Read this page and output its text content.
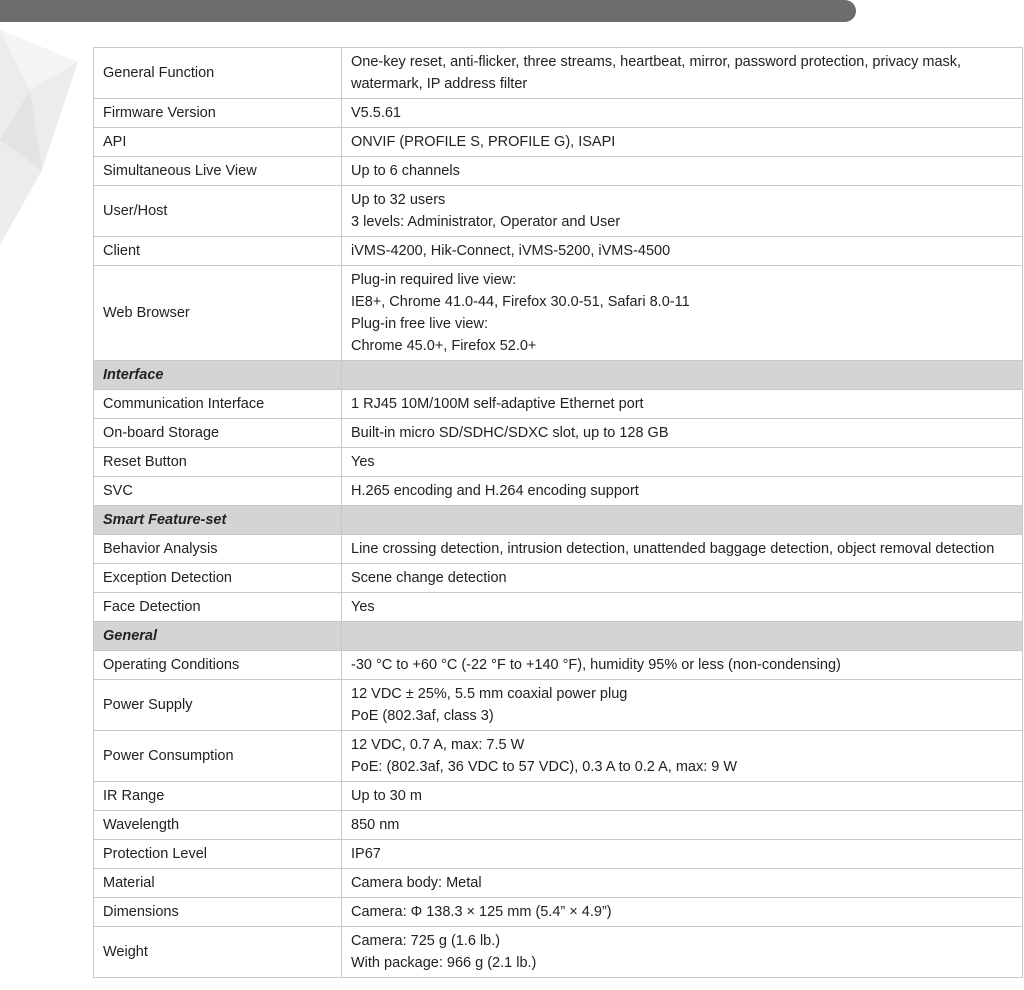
General Function	One-key reset, anti-flicker, three streams, heartbeat, mirror, password protection, privacy mask, watermark, IP address filter

Firmware Version	V5.5.61

API	ONVIF (PROFILE S, PROFILE G), ISAPI

Simultaneous Live View	Up to 6 channels

User/Host	Up to 32 users
3 levels: Administrator, Operator and User

Client	iVMS-4200, Hik-Connect, iVMS-5200, iVMS-4500

Web Browser	Plug-in required live view:
IE8+, Chrome 41.0-44, Firefox 30.0-51, Safari 8.0-11
Plug-in free live view:
Chrome 45.0+, Firefox 52.0+

Interface	
Communication Interface	1 RJ45 10M/100M self-adaptive Ethernet port

On-board Storage	Built-in micro SD/SDHC/SDXC slot, up to 128 GB

Reset Button	Yes

SVC	H.265 encoding and H.264 encoding support

Smart Feature-set	
Behavior Analysis	Line crossing detection, intrusion detection, unattended baggage detection, object removal detection

Exception Detection	Scene change detection

Face Detection	Yes

General	
Operating Conditions	-30 °C to +60 °C (-22 °F to +140 °F), humidity 95% or less (non-condensing)

Power Supply	12 VDC ± 25%, 5.5 mm coaxial power plug
PoE (802.3af, class 3)

Power Consumption	12 VDC, 0.7 A, max: 7.5 W
PoE: (802.3af, 36 VDC to 57 VDC), 0.3 A to 0.2 A, max: 9 W

IR Range	Up to 30 m

Wavelength	850 nm

Protection Level	IP67

Material	Camera body: Metal

Dimensions	Camera: Φ 138.3 × 125 mm (5.4” × 4.9”)

Weight	Camera: 725 g (1.6 lb.)
With package: 966 g (2.1 lb.)
